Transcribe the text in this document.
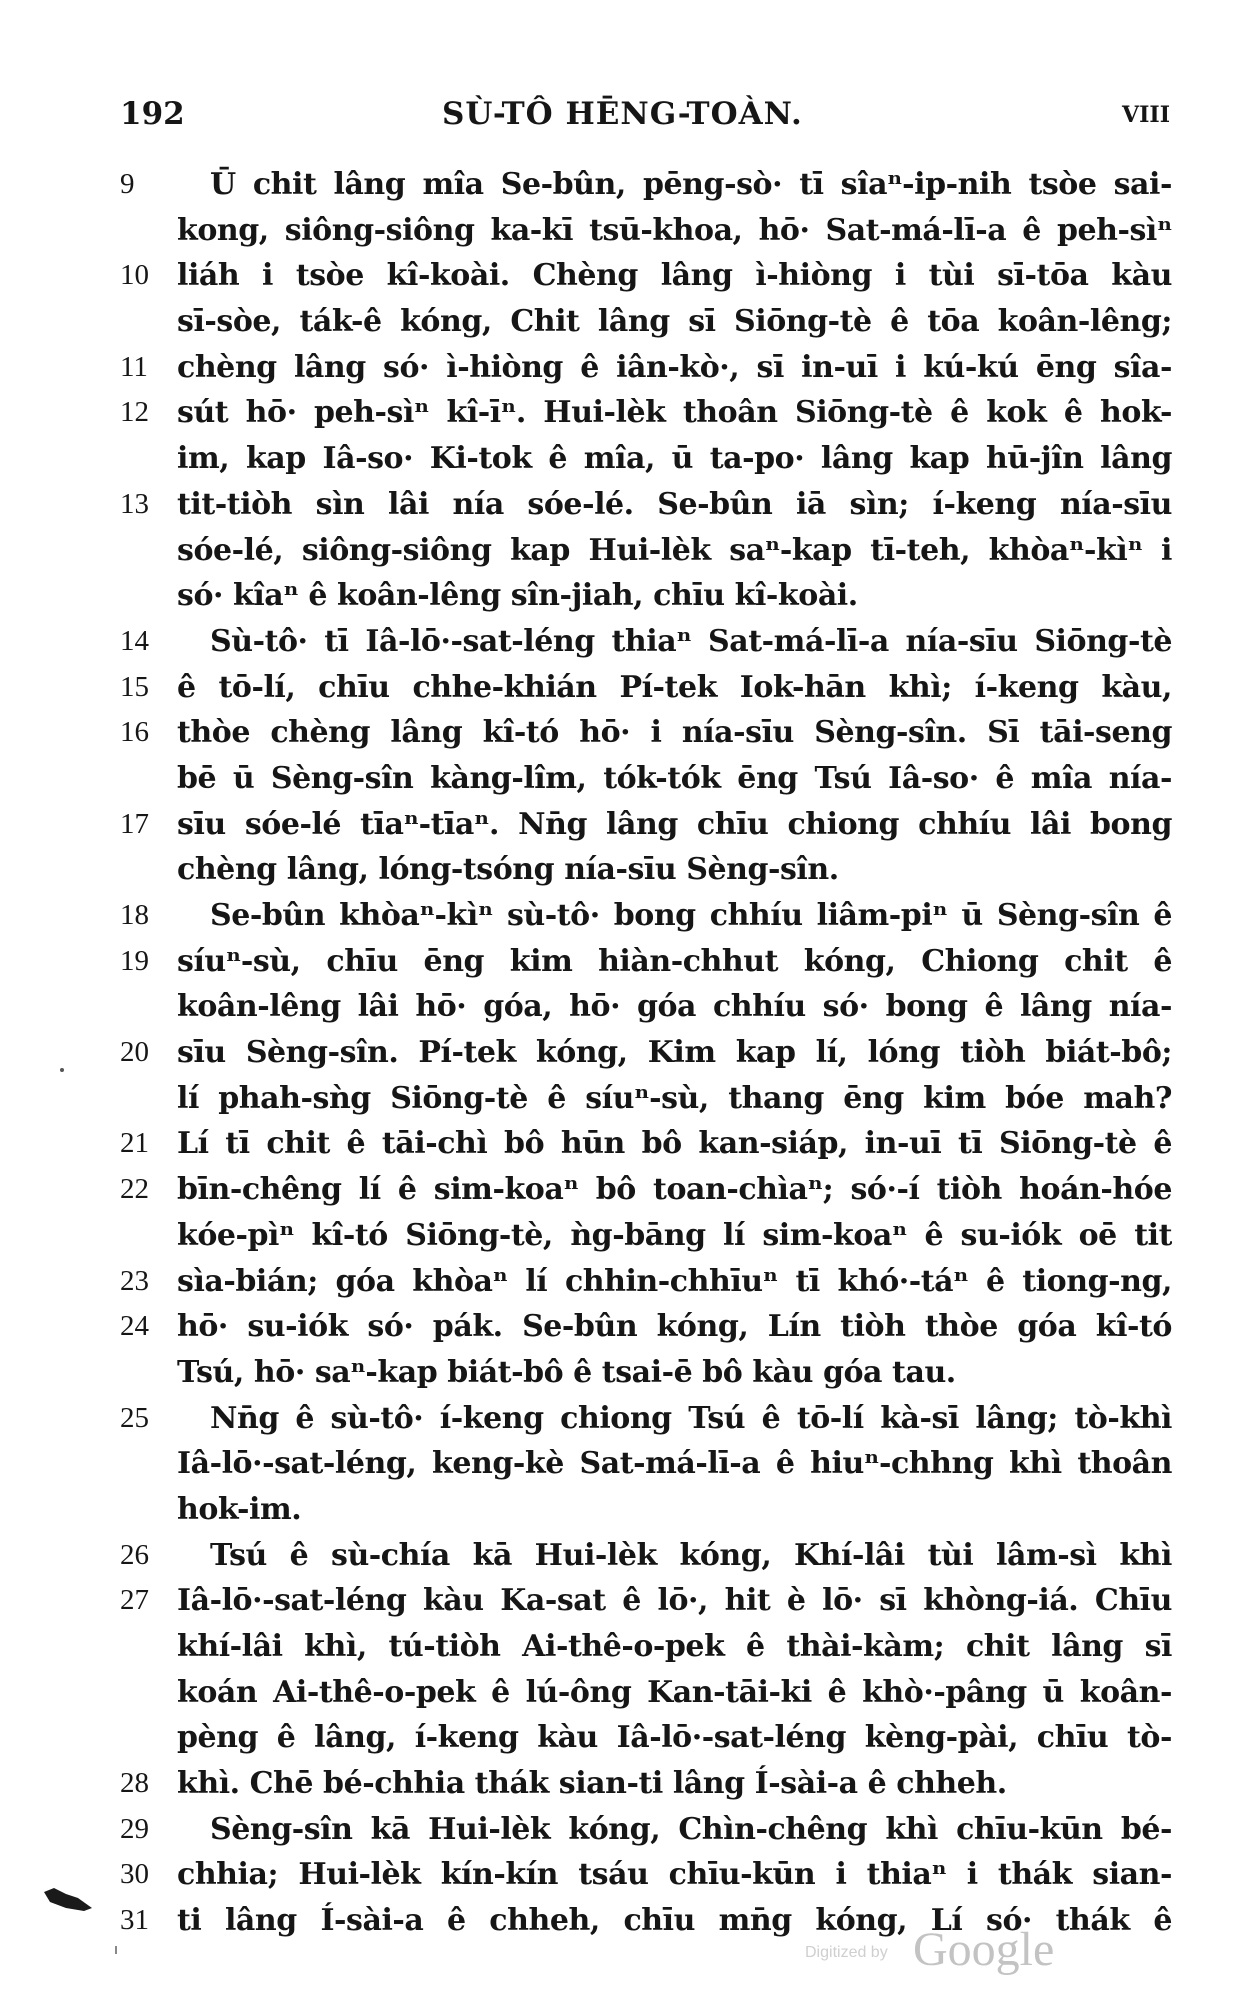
192	SÙ-TÔ HĒNG-TOÀN.	VIII
9	Ū chit lâng mîa Se-bûn, pēng-sò· tī sîaⁿ-ip-nih tsòe sai-
kong, siông-siông ka-kī tsū-khoa, hō· Sat-má-lī-a ê peh-sìⁿ
10 liáh i tsòe kî-koài. Chèng lâng ì-hiòng i tùi sī-tōa kàu
sī-sòe, ták-ê kóng, Chit lâng sī Siōng-tè ê tōa koân-lêng;
11 chèng lâng só· ì-hiòng ê iân-kò·, sī in-uī i kú-kú ēng sîa-
12 sút hō· peh-sìⁿ kî-īⁿ. Hui-lèk thoân Siōng-tè ê kok ê hok-
im, kap Iâ-so· Ki-tok ê mîa, ū ta-po· lâng kap hū-jîn lâng
13 tit-tiòh sìn lâi nía sóe-lé. Se-bûn iā sìn; í-keng nía-sīu
sóe-lé, siông-siông kap Hui-lèk saⁿ-kap tī-teh, khòaⁿ-kìⁿ i
só· kîaⁿ ê koân-lêng sîn-jiah, chīu kî-koài.
14	Sù-tô· tī Iâ-lō·-sat-léng thiaⁿ Sat-má-lī-a nía-sīu Siōng-tè
15 ê tō-lí, chīu chhe-khián Pí-tek Iok-hān khì; í-keng kàu,
16 thòe chèng lâng kî-tó hō· i nía-sīu Sèng-sîn. Sī tāi-seng
bē ū Sèng-sîn kàng-lîm, tók-tók ēng Tsú Iâ-so· ê mîa nía-
17 sīu sóe-lé tīaⁿ-tīaⁿ. Nn̄g lâng chīu chiong chhíu lâi bong
chèng lâng, lóng-tsóng nía-sīu Sèng-sîn.
18	Se-bûn khòaⁿ-kìⁿ sù-tô· bong chhíu liâm-piⁿ ū Sèng-sîn ê
19 síuⁿ-sù, chīu ēng kim hiàn-chhut kóng, Chiong chit ê
koân-lêng lâi hō· góa, hō· góa chhíu só· bong ê lâng nía-
20 sīu Sèng-sîn. Pí-tek kóng, Kim kap lí, lóng tiòh biát-bô;
lí phah-sǹg Siōng-tè ê síuⁿ-sù, thang ēng kim bóe mah?
21 Lí tī chit ê tāi-chì bô hūn bô kan-siáp, in-uī tī Siōng-tè ê
22 bīn-chêng lí ê sim-koaⁿ bô toan-chìaⁿ; só·-í tiòh hoán-hóe
kóe-pìⁿ kî-tó Siōng-tè, ǹg-bāng lí sim-koaⁿ ê su-iók oē tit
23 sìa-bián; góa khòaⁿ lí chhin-chhīuⁿ tī khó·-táⁿ ê tiong-ng,
24 hō· su-iók só· pák. Se-bûn kóng, Lín tiòh thòe góa kî-tó
Tsú, hō· saⁿ-kap biát-bô ê tsai-ē bô kàu góa tau.
25	Nn̄g ê sù-tô· í-keng chiong Tsú ê tō-lí kà-sī lâng; tò-khì
Iâ-lō·-sat-léng, keng-kè Sat-má-lī-a ê hiuⁿ-chhng khì thoân
hok-im.
26	Tsú ê sù-chía kā Hui-lèk kóng, Khí-lâi tùi lâm-sì khì
27 Iâ-lō·-sat-léng kàu Ka-sat ê lō·, hit è lō· sī khòng-iá. Chīu
khí-lâi khì, tú-tiòh Ai-thê-o-pek ê thài-kàm; chit lâng sī
koán Ai-thê-o-pek ê lú-ông Kan-tāi-ki ê khò·-pâng ū koân-
pèng ê lâng, í-keng kàu Iâ-lō·-sat-léng kèng-pài, chīu tò-
28 khì. Chē bé-chhia thák sian-ti lâng Í-sài-a ê chheh.
29	Sèng-sîn kā Hui-lèk kóng, Chìn-chêng khì chīu-kūn bé-
30 chhia; Hui-lèk kín-kín tsáu chīu-kūn i thiaⁿ i thák sian-
31 ti lâng Í-sài-a ê chheh, chīu mn̄g kóng, Lí só· thák ê
Digitized by Google
